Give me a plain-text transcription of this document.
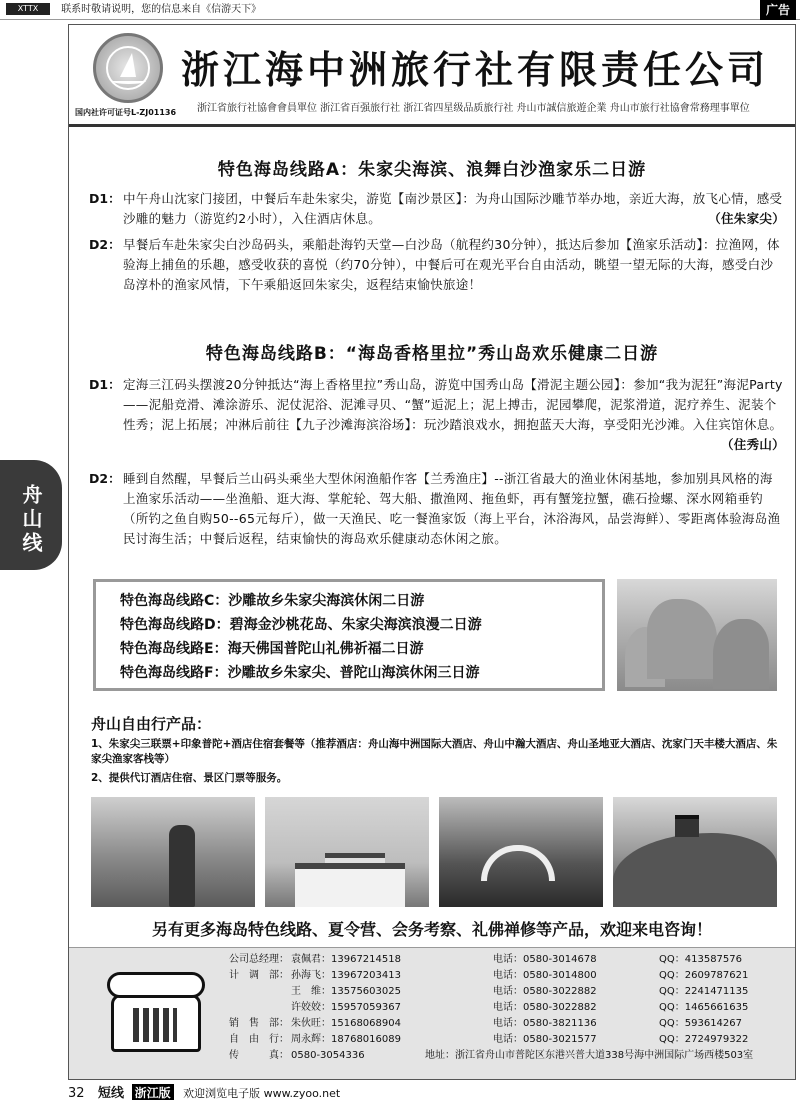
XTTX 联系时敬请说明，您的信息来自《信游天下》	广告
国内社许可证号L-ZJ01136
浙江海中洲旅行社有限责任公司
浙江省旅行社協會會員單位 浙江省百强旅行社 浙江省四星级品质旅行社 舟山市誠信旅遊企業 舟山市旅行社協會常務理事單位
特色海岛线路A：朱家尖海滨、浪舞白沙渔家乐二日游
D1： 中午舟山沈家门接团，中餐后车赴朱家尖，游览【南沙景区】：为舟山国际沙雕节举办地，亲近大海，放飞心情，感受沙雕的魅力（游览约2小时），入住酒店休息。	（住朱家尖）
D2： 早餐后车赴朱家尖白沙岛码头，乘船赴海钓天堂—白沙岛（航程约30分钟），抵达后参加【渔家乐活动】：拉渔网，体验海上捕鱼的乐趣，感受收获的喜悦（约70分钟），中餐后可在观光平台自由活动，眺望一望无际的大海，感受白沙岛淳朴的渔家风情，下午乘船返回朱家尖，返程结束愉快旅途！
特色海岛线路B：“海岛香格里拉”秀山岛欢乐健康二日游
D1： 定海三江码头摆渡20分钟抵达“海上香格里拉”秀山岛，游览中国秀山岛【滑泥主题公园】：参加“我为泥狂”海泥Party——泥船竞滑、滩涂游乐、泥仗泥浴、泥滩寻贝、“蟹”逅泥上；泥上搏击，泥园攀爬，泥浆滑道，泥疗养生、泥装个性秀；泥上拓展；冲淋后前往【九子沙滩海滨浴场】：玩沙踏浪戏水，拥抱蓝天大海，享受阳光沙滩。入住宾馆休息。
（住秀山）
D2： 睡到自然醒，早餐后兰山码头乘坐大型休闲渔船作客【兰秀渔庄】--浙江省最大的渔业休闲基地，参加别具风格的海上渔家乐活动——坐渔船、逛大海、掌舵轮、驾大船、撒渔网、拖鱼虾，再有蟹笼拉蟹，礁石捡螺、深水网箱垂钓（所钓之鱼自购50--65元每斤），做一天渔民、吃一餐渔家饭（海上平台，沐浴海风，品尝海鲜）、零距离体验海岛渔民讨海生活；中餐后返程，结束愉快的海岛欢乐健康动态休闲之旅。
特色海岛线路C：沙雕故乡朱家尖海滨休闲二日游
特色海岛线路D：碧海金沙桃花岛、朱家尖海滨浪漫二日游
特色海岛线路E：海天佛国普陀山礼佛祈福二日游
特色海岛线路F：沙雕故乡朱家尖、普陀山海滨休闲三日游
舟山自由行产品：
1、朱家尖三联票+印象普陀+酒店住宿套餐等（推荐酒店：舟山海中洲国际大酒店、舟山中瀚大酒店、舟山圣地亚大酒店、沈家门天丰楼大酒店、朱家尖渔家客栈等）
2、提供代订酒店住宿、景区门票等服务。
另有更多海岛特色线路、夏令营、会务考察、礼佛禅修等产品，欢迎来电咨询！
公司总经理： 袁佩君：13967214518	电话：0580-3014678	QQ：413587576
计　调　部： 孙海飞：13967203413	电话：0580-3014800	QQ：2609787621
王　维：13575603025	电话：0580-3022882	QQ：2241471135
许姣姣：15957059367	电话：0580-3022882	QQ：1465661635
销　售　部： 朱伙旺：15168068904	电话：0580-3821136	QQ：593614267
自　由　行： 周永辉：18768016089	电话：0580-3021577	QQ：2724979322
传　　　真： 0580-3054336	地址：浙江省舟山市普陀区东港兴普大道338号海中洲国际广场西楼503室
32 短线 浙江版 欢迎浏览电子版 www.zyoo.net
舟山线
